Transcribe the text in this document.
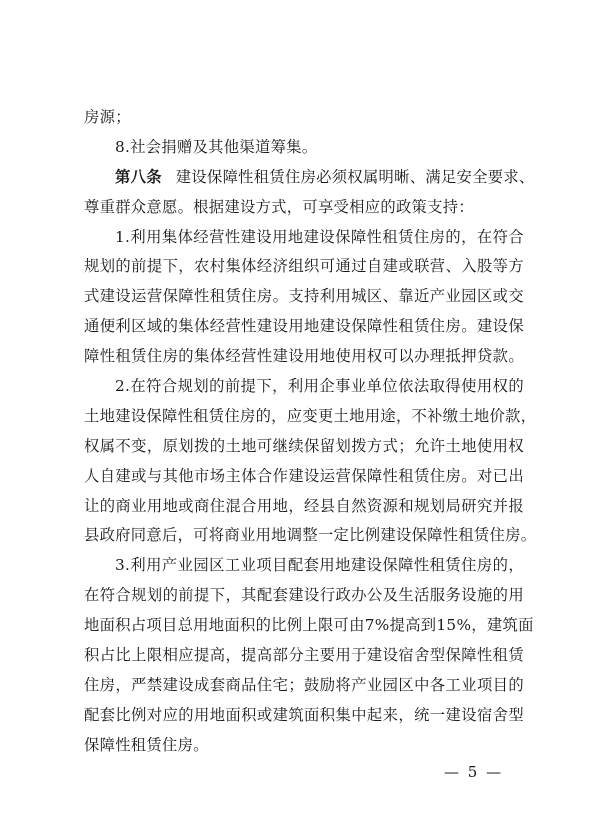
房源；
8.社会捐赠及其他渠道筹集。
第八条 建设保障性租赁住房必须权属明晰、满足安全要求、
尊重群众意愿。根据建设方式，可享受相应的政策支持：
1.利用集体经营性建设用地建设保障性租赁住房的，在符合
规划的前提下，农村集体经济组织可通过自建或联营、入股等方
式建设运营保障性租赁住房。支持利用城区、靠近产业园区或交
通便利区域的集体经营性建设用地建设保障性租赁住房。建设保
障性租赁住房的集体经营性建设用地使用权可以办理抵押贷款。
2.在符合规划的前提下，利用企事业单位依法取得使用权的
土地建设保障性租赁住房的，应变更土地用途，不补缴土地价款，
权属不变，原划拨的土地可继续保留划拨方式；允许土地使用权
人自建或与其他市场主体合作建设运营保障性租赁住房。对已出
让的商业用地或商住混合用地，经县自然资源和规划局研究并报
县政府同意后，可将商业用地调整一定比例建设保障性租赁住房。
3.利用产业园区工业项目配套用地建设保障性租赁住房的，
在符合规划的前提下，其配套建设行政办公及生活服务设施的用
地面积占项目总用地面积的比例上限可由7%提高到15%，建筑面
积占比上限相应提高，提高部分主要用于建设宿舍型保障性租赁
住房，严禁建设成套商品住宅；鼓励将产业园区中各工业项目的
配套比例对应的用地面积或建筑面积集中起来，统一建设宿舍型
保障性租赁住房。
— 5 —
